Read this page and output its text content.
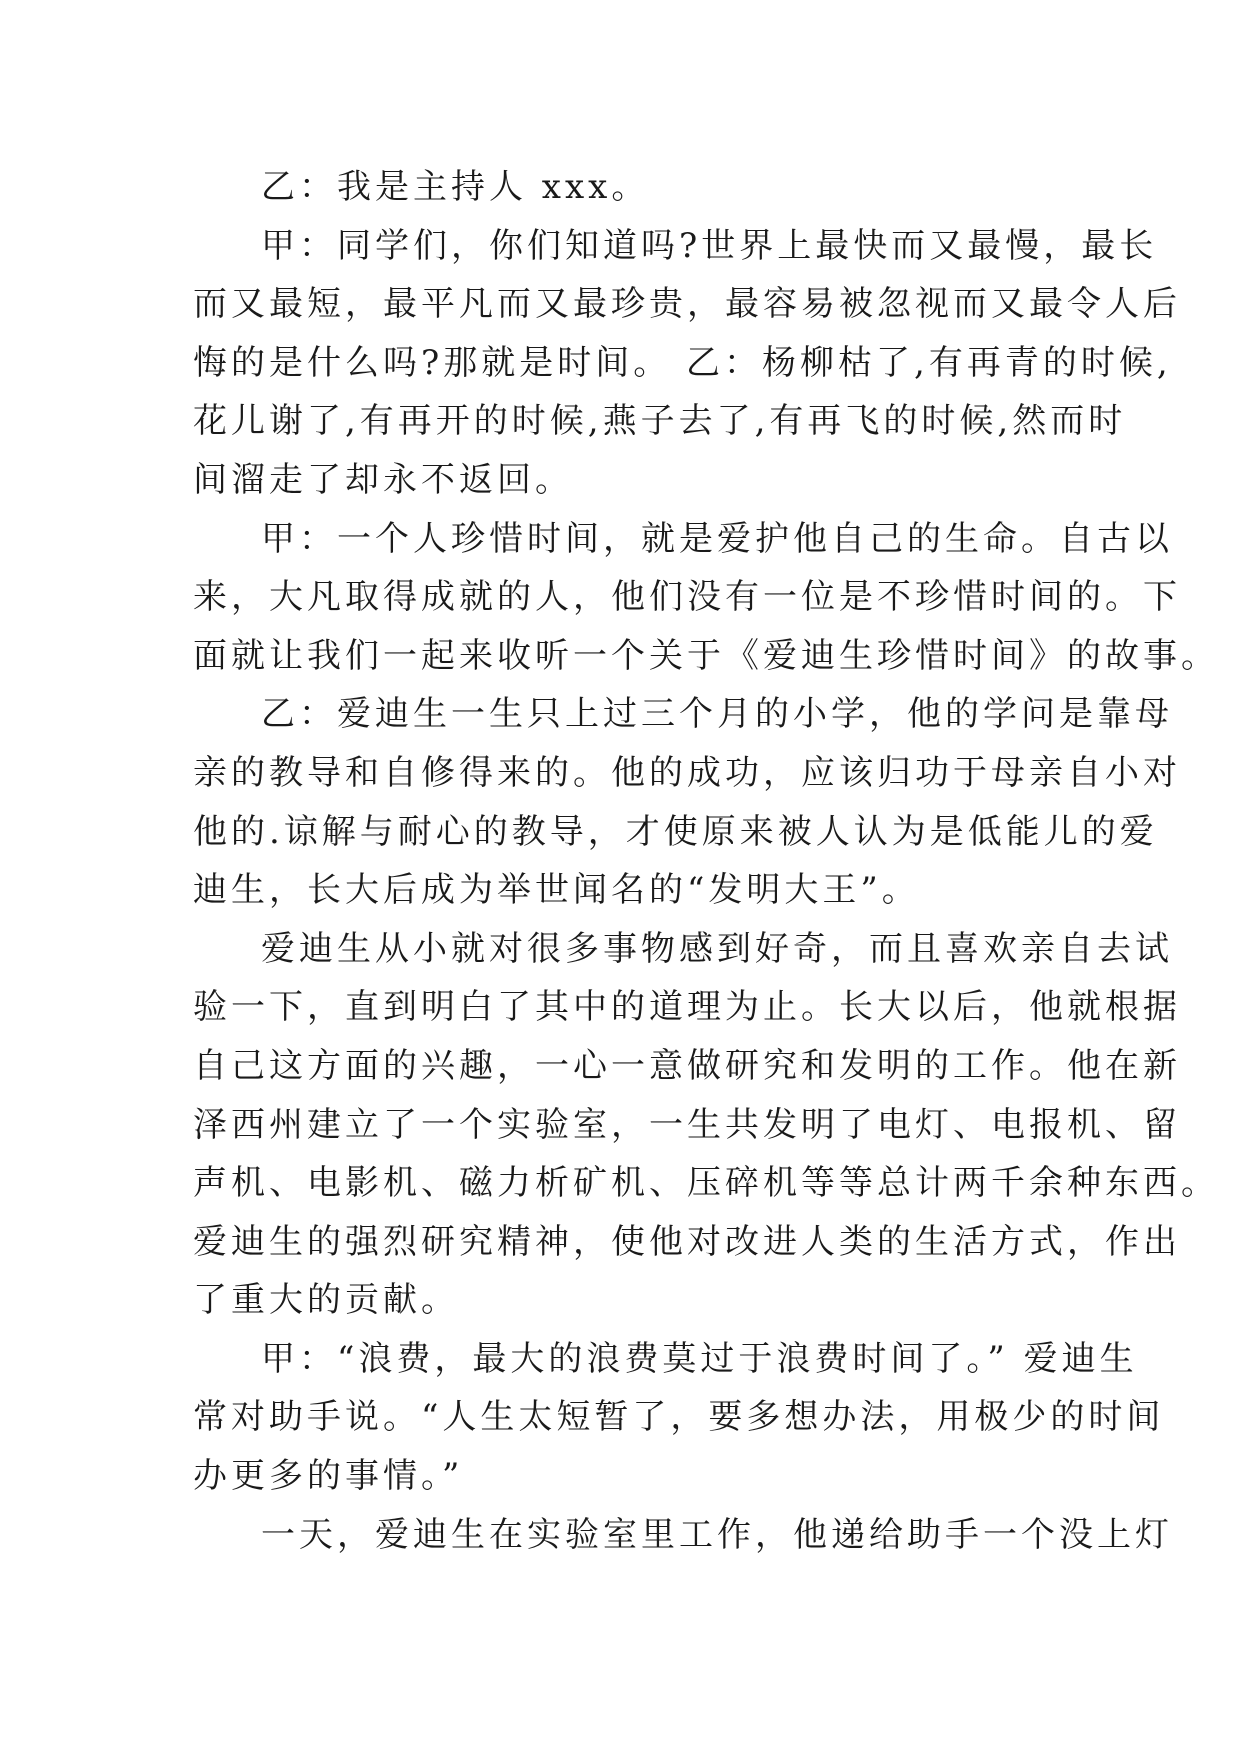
乙：我是主持人 xxx。
甲：同学们，你们知道吗?世界上最快而又最慢，最长
而又最短，最平凡而又最珍贵，最容易被忽视而又最令人后
悔的是什么吗?那就是时间。 乙：杨柳枯了,有再青的时候,
花儿谢了,有再开的时候,燕子去了,有再飞的时候,然而时
间溜走了却永不返回。
甲：一个人珍惜时间，就是爱护他自己的生命。自古以
来，大凡取得成就的人，他们没有一位是不珍惜时间的。下
面就让我们一起来收听一个关于《爱迪生珍惜时间》的故事。
乙：爱迪生一生只上过三个月的小学，他的学问是靠母
亲的教导和自修得来的。他的成功，应该归功于母亲自小对
他的.谅解与耐心的教导，才使原来被人认为是低能儿的爱
迪生，长大后成为举世闻名的“发明大王”。
爱迪生从小就对很多事物感到好奇，而且喜欢亲自去试
验一下，直到明白了其中的道理为止。长大以后，他就根据
自己这方面的兴趣，一心一意做研究和发明的工作。他在新
泽西州建立了一个实验室，一生共发明了电灯、电报机、留
声机、电影机、磁力析矿机、压碎机等等总计两千余种东西。
爱迪生的强烈研究精神，使他对改进人类的生活方式，作出
了重大的贡献。
甲：“浪费，最大的浪费莫过于浪费时间了。” 爱迪生
常对助手说。“人生太短暂了，要多想办法，用极少的时间
办更多的事情。”
一天，爱迪生在实验室里工作，他递给助手一个没上灯
